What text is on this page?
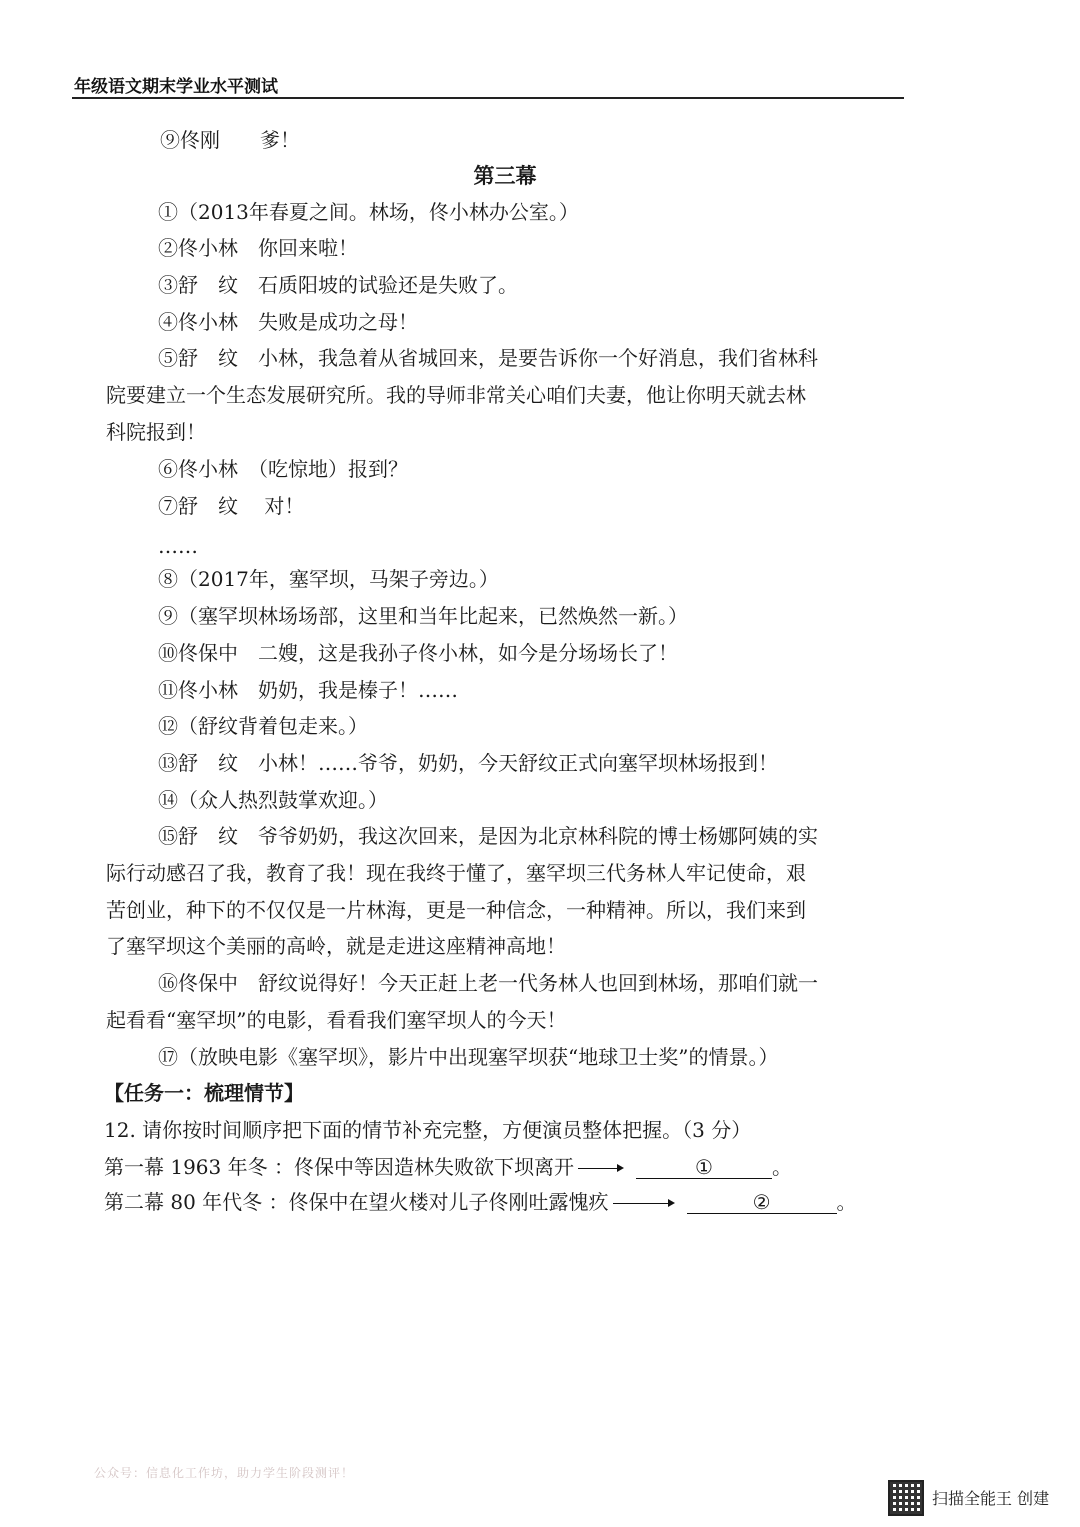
年级语文期末学业水平测试
⑨佟刚　　爹！
第三幕
①（2013年春夏之间。林场，佟小林办公室。）
②佟小林　你回来啦！
③舒　纹　石质阳坡的试验还是失败了。
④佟小林　失败是成功之母！
⑤舒　纹　小林，我急着从省城回来，是要告诉你一个好消息，我们省林科
院要建立一个生态发展研究所。我的导师非常关心咱们夫妻，他让你明天就去林
科院报到！
⑥佟小林　（吃惊地）报到？
⑦舒　纹　 对！
……
⑧（2017年，塞罕坝，马架子旁边。）
⑨（塞罕坝林场场部，这里和当年比起来，已然焕然一新。）
⑩佟保中　二嫂，这是我孙子佟小林，如今是分场场长了！
⑪佟小林　奶奶，我是榛子！……
⑫（舒纹背着包走来。）
⑬舒　纹　小林！……爷爷，奶奶，今天舒纹正式向塞罕坝林场报到！
⑭（众人热烈鼓掌欢迎。）
⑮舒　纹　爷爷奶奶，我这次回来，是因为北京林科院的博士杨娜阿姨的实
际行动感召了我，教育了我！现在我终于懂了，塞罕坝三代务林人牢记使命，艰
苦创业，种下的不仅仅是一片林海，更是一种信念，一种精神。所以，我们来到
了塞罕坝这个美丽的高岭，就是走进这座精神高地！
⑯佟保中　舒纹说得好！今天正赶上老一代务林人也回到林场，那咱们就一
起看看“塞罕坝”的电影，看看我们塞罕坝人的今天！
⑰（放映电影《塞罕坝》，影片中出现塞罕坝获“地球卫士奖”的情景。）
【任务一：梳理情节】
12. 请你按时间顺序把下面的情节补充完整，方便演员整体把握。（3 分）
第一幕 1963 年冬 ：佟保中等因造林失败欲下坝离开	①	。
第二幕 80 年代冬 ：佟保中在望火楼对儿子佟刚吐露愧疚	②	。
公众号：信息化工作坊，助力学生阶段测评！
扫描全能王 创建
